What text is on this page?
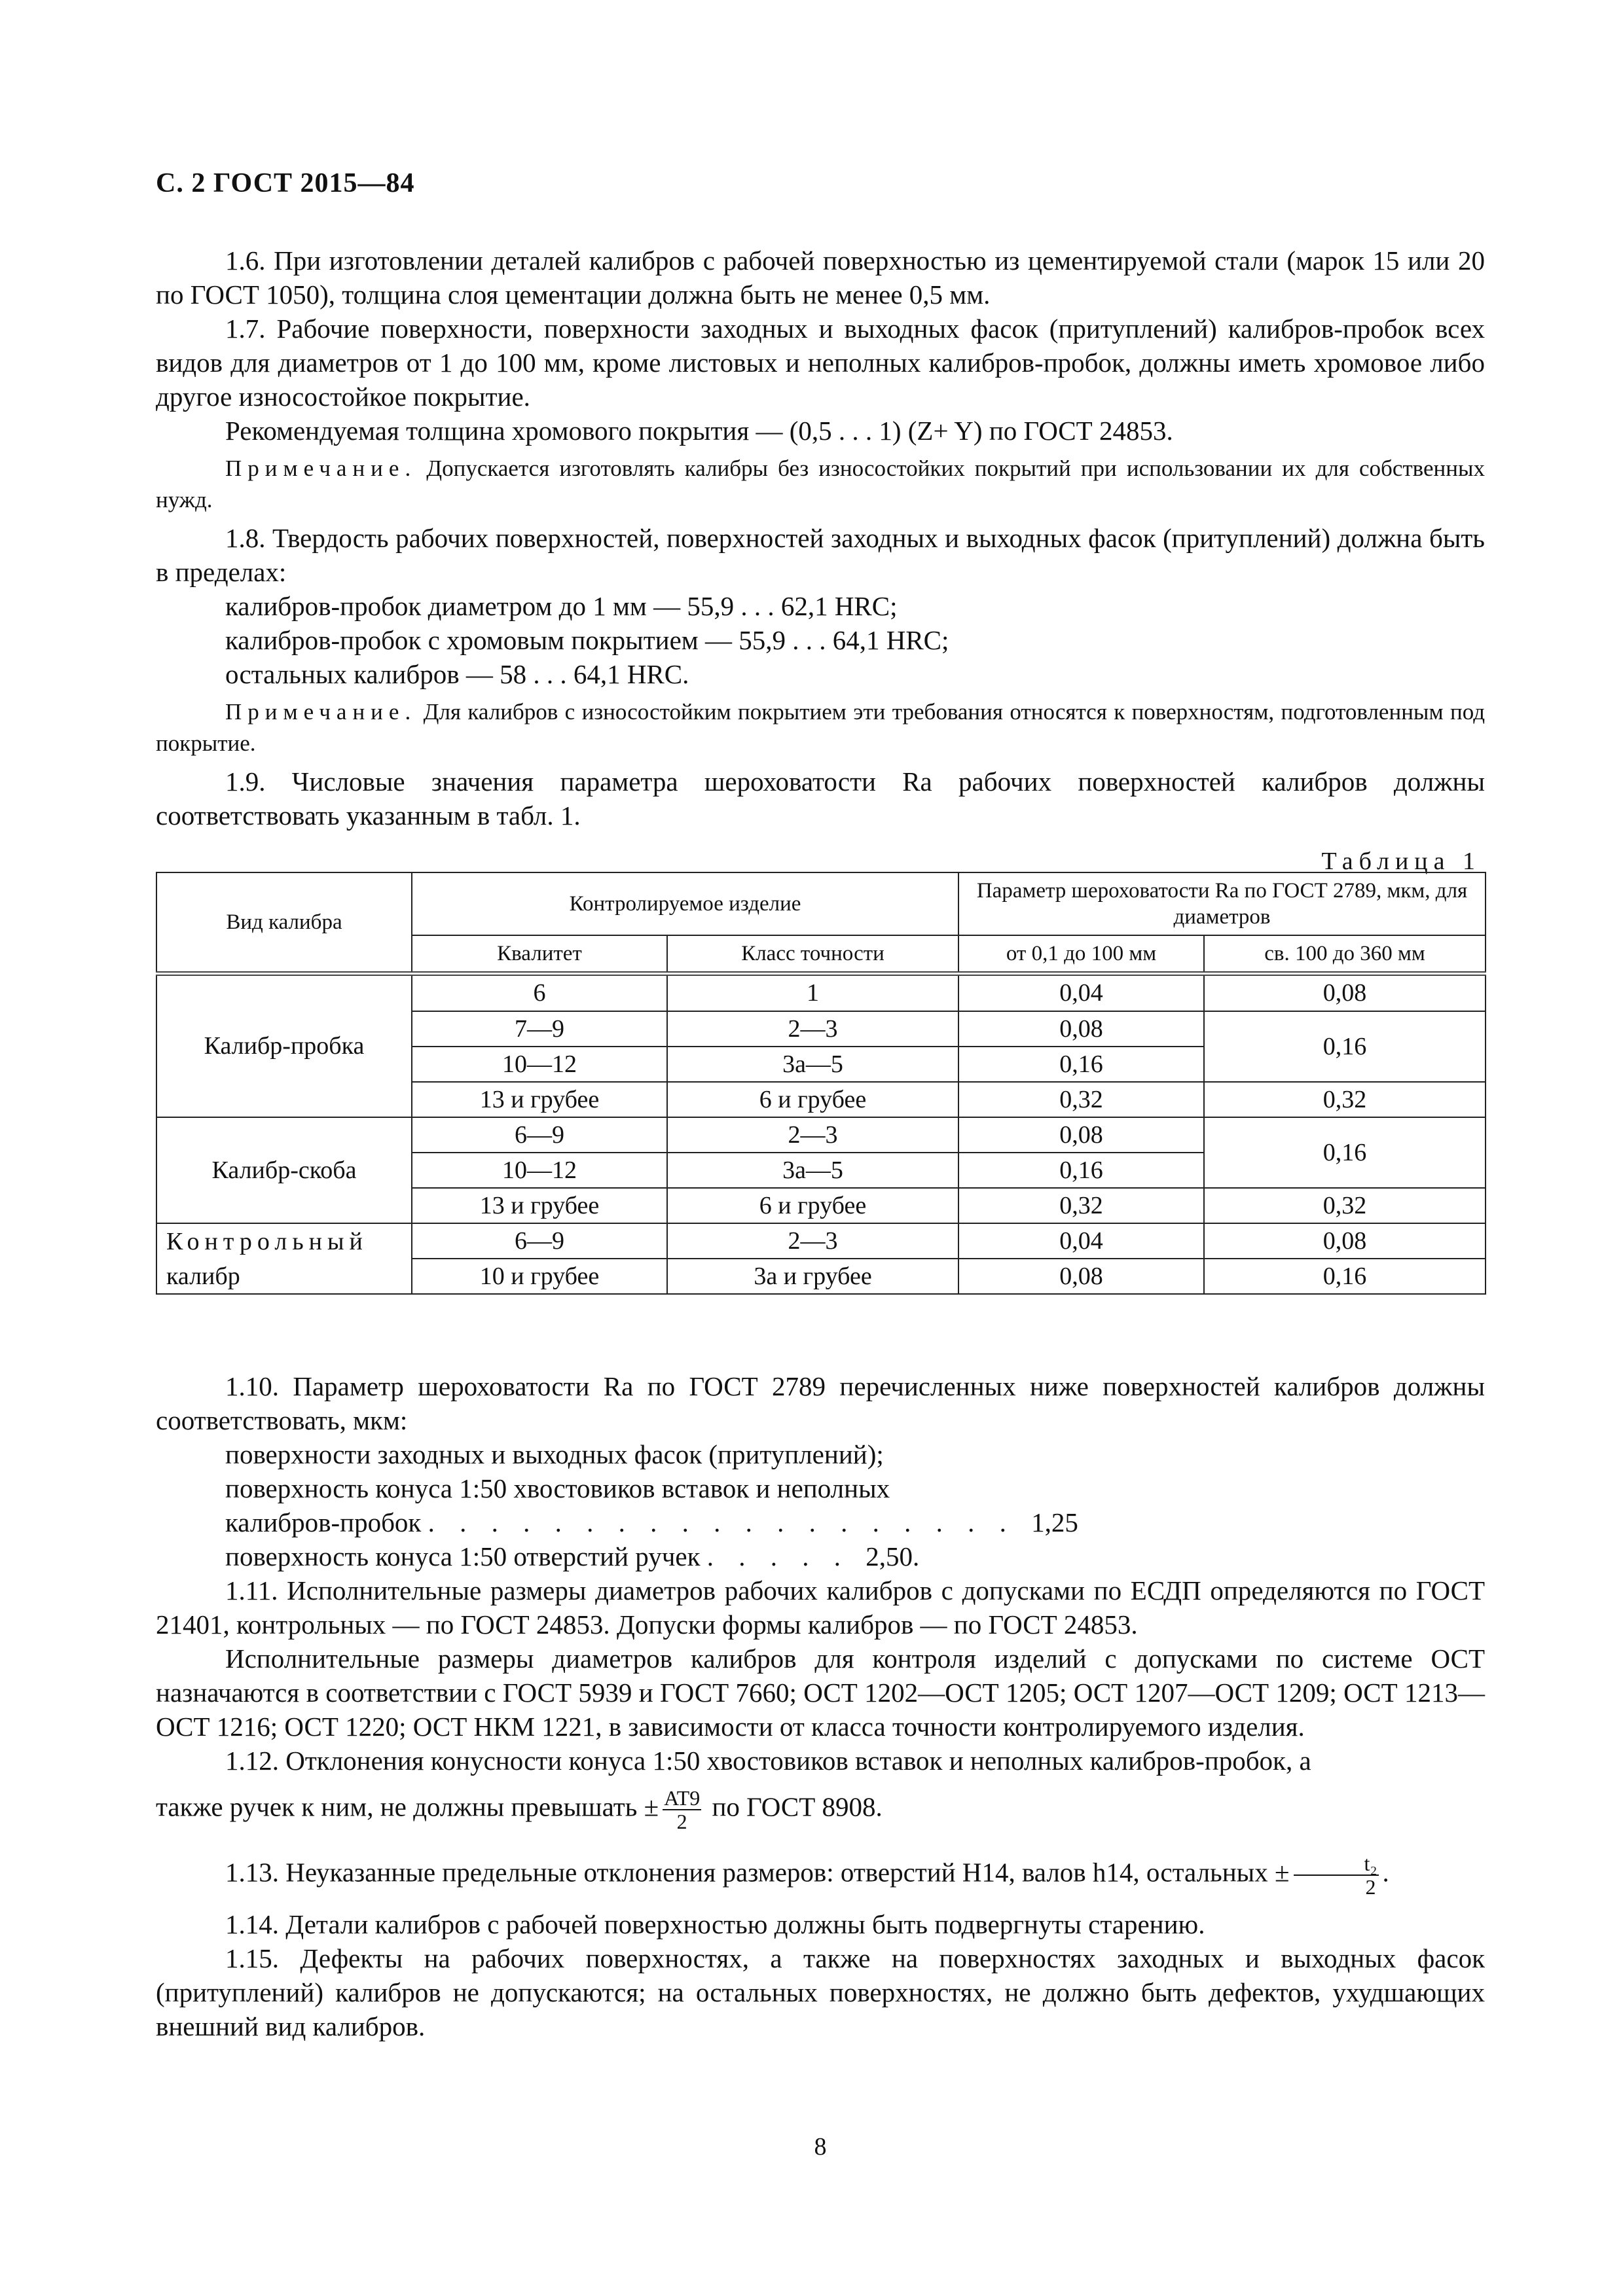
С. 2 ГОСТ 2015—84

1.6. При изготовлении деталей калибров с рабочей поверхностью из цементируемой стали (марок 15 или 20 по ГОСТ 1050), толщина слоя цементации должна быть не менее 0,5 мм.

1.7. Рабочие поверхности, поверхности заходных и выходных фасок (притуплений) калибров-пробок всех видов для диаметров от 1 до 100 мм, кроме листовых и неполных калибров-пробок, должны иметь хромовое либо другое износостойкое покрытие.

Рекомендуемая толщина хромового покрытия — (0,5 . . . 1) (Z+ Y) по ГОСТ 24853.

Примечание. Допускается изготовлять калибры без износостойких покрытий при использовании их для собственных нужд.

1.8. Твердость рабочих поверхностей, поверхностей заходных и выходных фасок (притуплений) должна быть в пределах:

калибров-пробок диаметром до 1 мм — 55,9 . . . 62,1 HRC;

калибров-пробок с хромовым покрытием — 55,9 . . . 64,1 HRC;

остальных калибров — 58 . . . 64,1 HRC.

Примечание. Для калибров с износостойким покрытием эти требования относятся к поверхностям, подготовленным под покрытие.

1.9. Числовые значения параметра шероховатости Ra рабочих поверхностей калибров должны соответствовать указанным в табл. 1.

Таблица 1

Вид калибра	Контролируемое изделие		Параметр шероховатости Ra по ГОСТ 2789, мкм, для диаметров	
	Квалитет	Класс точности	от 0,1 до 100 мм	св. 100 до 360 мм
Калибр-пробка	6	1	0,04	0,08
	7—9	2—3	0,08	0,16
	10—12	3а—5	0,16	
	13 и грубее	6 и грубее	0,32	0,32
Калибр-скоба	6—9	2—3	0,08	0,16
	10—12	3а—5	0,16	
	13 и грубее	6 и грубее	0,32	0,32
Контрольный	6—9	2—3	0,04	0,08
калибр	10 и грубее	3а и грубее	0,08	0,16

1.10. Параметр шероховатости Ra по ГОСТ 2789 перечисленных ниже поверхностей калибров должны соответствовать, мкм:

поверхности заходных и выходных фасок (притуплений);

поверхность конуса 1:50 хвостовиков вставок и неполных

калибров-пробок . . . . . . . . . . . . . . . . . . . 1,25

поверхность конуса 1:50 отверстий ручек . . . . . 2,50.

1.11. Исполнительные размеры диаметров рабочих калибров с допусками по ЕСДП определяются по ГОСТ 21401, контрольных — по ГОСТ 24853. Допуски формы калибров — по ГОСТ 24853.

Исполнительные размеры диаметров калибров для контроля изделий с допусками по системе ОСТ назначаются в соответствии с ГОСТ 5939 и ГОСТ 7660; ОСТ 1202—ОСТ 1205; ОСТ 1207—ОСТ 1209; ОСТ 1213—ОСТ 1216; ОСТ 1220; ОСТ НКМ 1221, в зависимости от класса точности контролируемого изделия.

1.12. Отклонения конусности конуса 1:50 хвостовиков вставок и неполных калибров-пробок, а

также ручек к ним, не должны превышать ± $\frac{AT9}{2}$ по ГОСТ 8908.

1.13. Неуказанные предельные отклонения размеров: отверстий H14, валов h14, остальных ± $\frac{\text{t₂}}{2}$ .

1.14. Детали калибров с рабочей поверхностью должны быть подвергнуты старению.

1.15. Дефекты на рабочих поверхностях, а также на поверхностях заходных и выходных фасок (притуплений) калибров не допускаются; на остальных поверхностях, не должно быть дефектов, ухудшающих внешний вид калибров.

8
